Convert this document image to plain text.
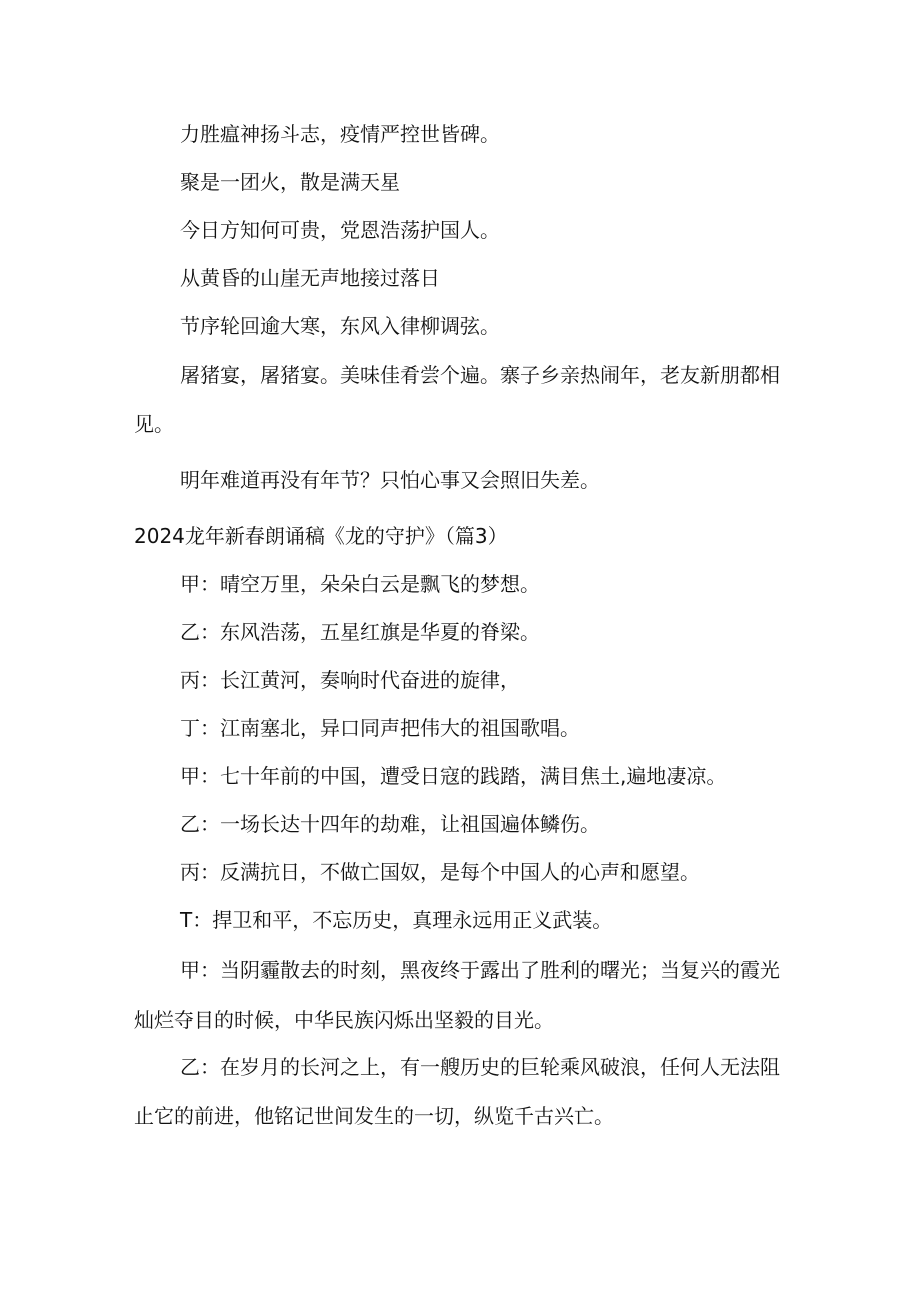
力胜瘟神扬斗志，疫情严控世皆碑。
聚是一团火，散是满天星
今日方知何可贵，党恩浩荡护国人。
从黄昏的山崖无声地接过落日
节序轮回逾大寒，东风入律柳调弦。
屠猪宴，屠猪宴。美味佳肴尝个遍。寨子乡亲热闹年，老友新朋都相
见。
明年难道再没有年节？只怕心事又会照旧失差。
2024龙年新春朗诵稿《龙的守护》（篇3）
甲：晴空万里，朵朵白云是飘飞的梦想。
乙：东风浩荡，五星红旗是华夏的脊梁。
丙：长江黄河，奏响时代奋进的旋律，
丁：江南塞北，异口同声把伟大的祖国歌唱。
甲：七十年前的中国，遭受日寇的践踏，满目焦土,遍地凄凉。
乙：一场长达十四年的劫难，让祖国遍体鳞伤。
丙：反满抗日，不做亡国奴，是每个中国人的心声和愿望。
T：捍卫和平，不忘历史，真理永远用正义武装。
甲：当阴霾散去的时刻，黑夜终于露出了胜利的曙光；当复兴的霞光
灿烂夺目的时候，中华民族闪烁出坚毅的目光。
乙：在岁月的长河之上，有一艘历史的巨轮乘风破浪，任何人无法阻
止它的前进，他铭记世间发生的一切，纵览千古兴亡。
